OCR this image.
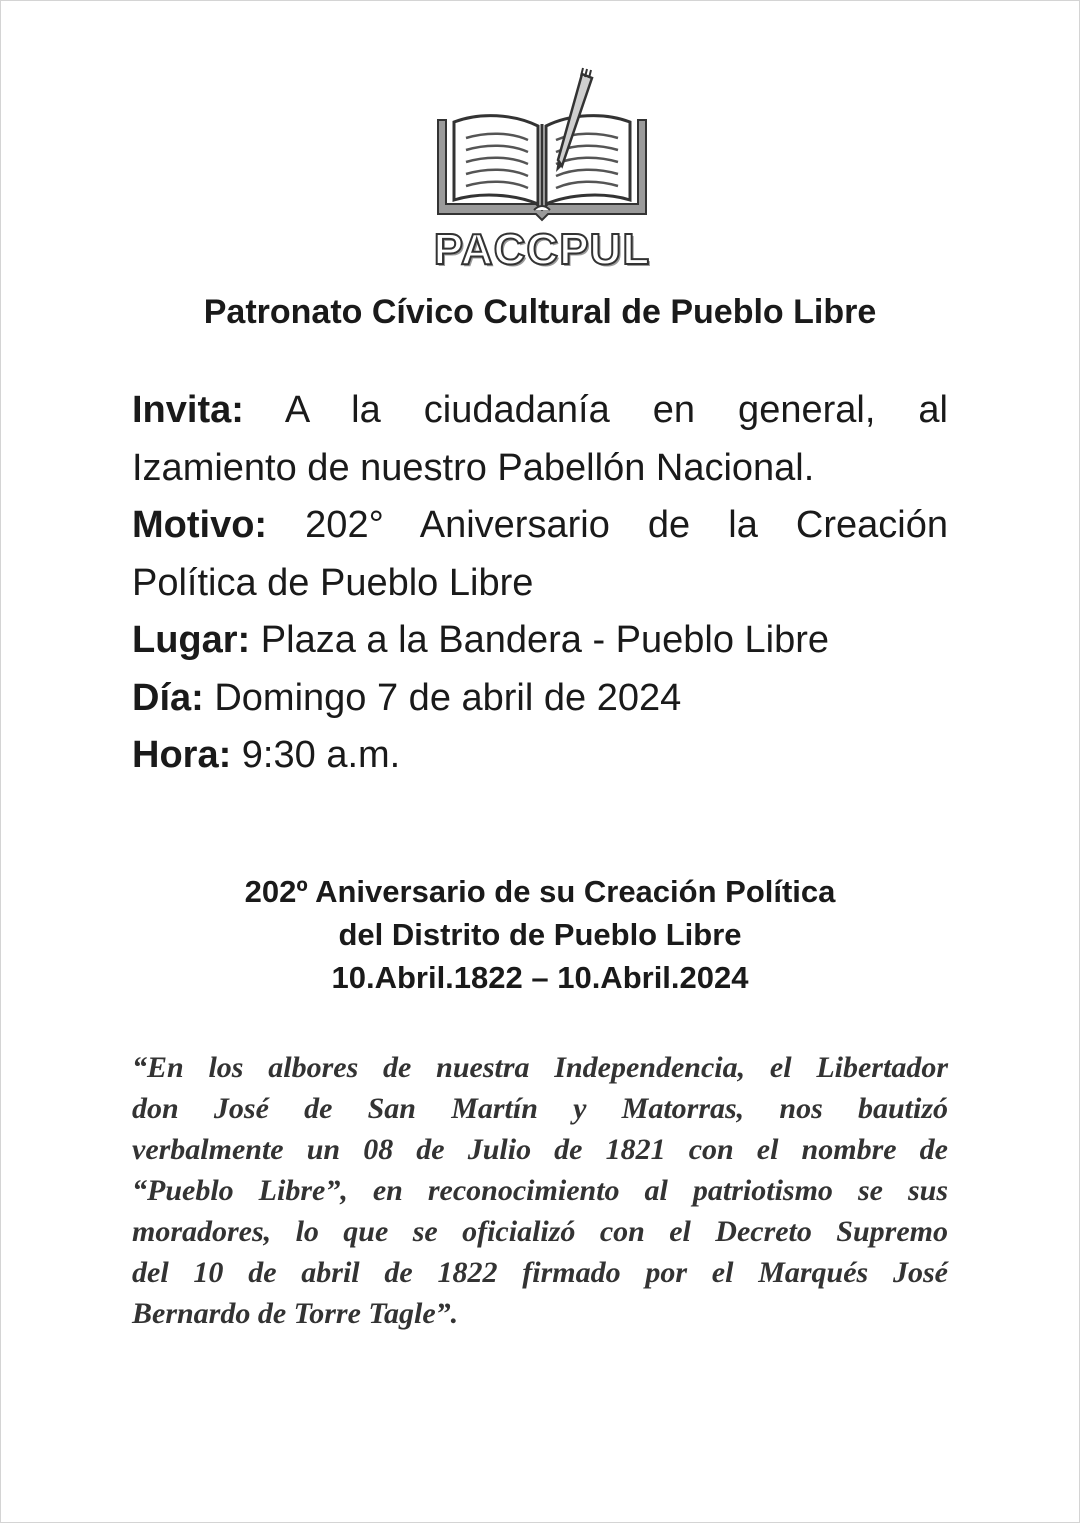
PACCPUL
Patronato Cívico Cultural de Pueblo Libre
Invita: A la ciudadanía en general, al
Izamiento de nuestro Pabellón Nacional.
Motivo: 202° Aniversario de la Creación
Política de Pueblo Libre
Lugar: Plaza a la Bandera - Pueblo Libre
Día: Domingo 7 de abril de 2024
Hora: 9:30 a.m.
202º Aniversario de su Creación Política
del Distrito de Pueblo Libre
10.Abril.1822 – 10.Abril.2024
“En los albores de nuestra Independencia, el Libertador
don José de San Martín y Matorras, nos bautizó
verbalmente un 08 de Julio de 1821 con el nombre de
“Pueblo Libre”, en reconocimiento al patriotismo se sus
moradores, lo que se oficializó con el Decreto Supremo
del 10 de abril de 1822 firmado por el Marqués José
Bernardo de Torre Tagle”.
